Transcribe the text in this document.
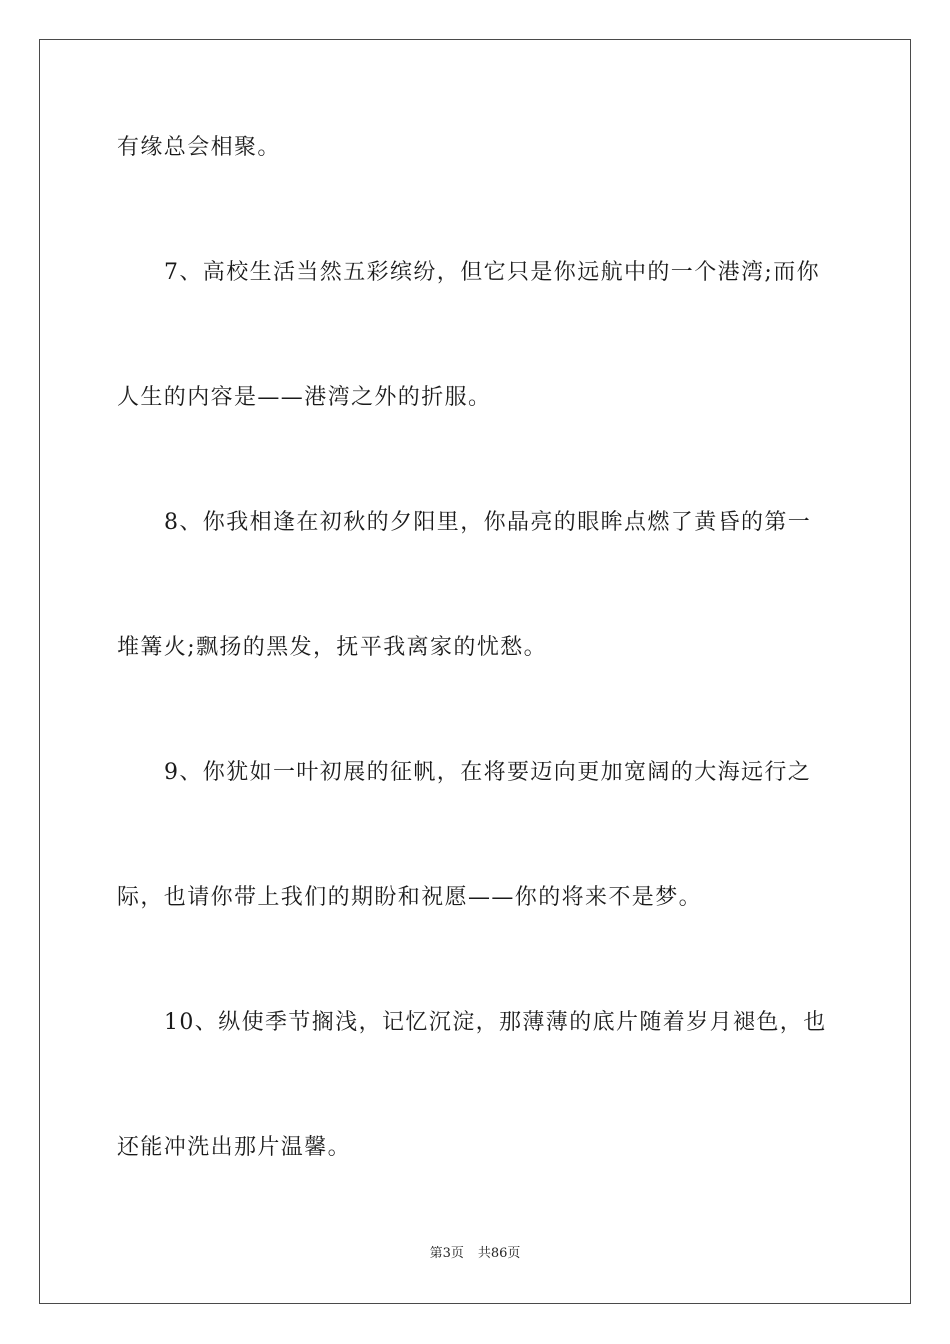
有缘总会相聚。
7、高校生活当然五彩缤纷，但它只是你远航中的一个港湾;而你
人生的内容是——港湾之外的折服。
8、你我相逢在初秋的夕阳里，你晶亮的眼眸点燃了黄昏的第一
堆篝火;飘扬的黑发，抚平我离家的忧愁。
9、你犹如一叶初展的征帆，在将要迈向更加宽阔的大海远行之
际，也请你带上我们的期盼和祝愿——你的将来不是梦。
10、纵使季节搁浅，记忆沉淀，那薄薄的底片随着岁月褪色，也
还能冲洗出那片温馨。
第3页 共86页
